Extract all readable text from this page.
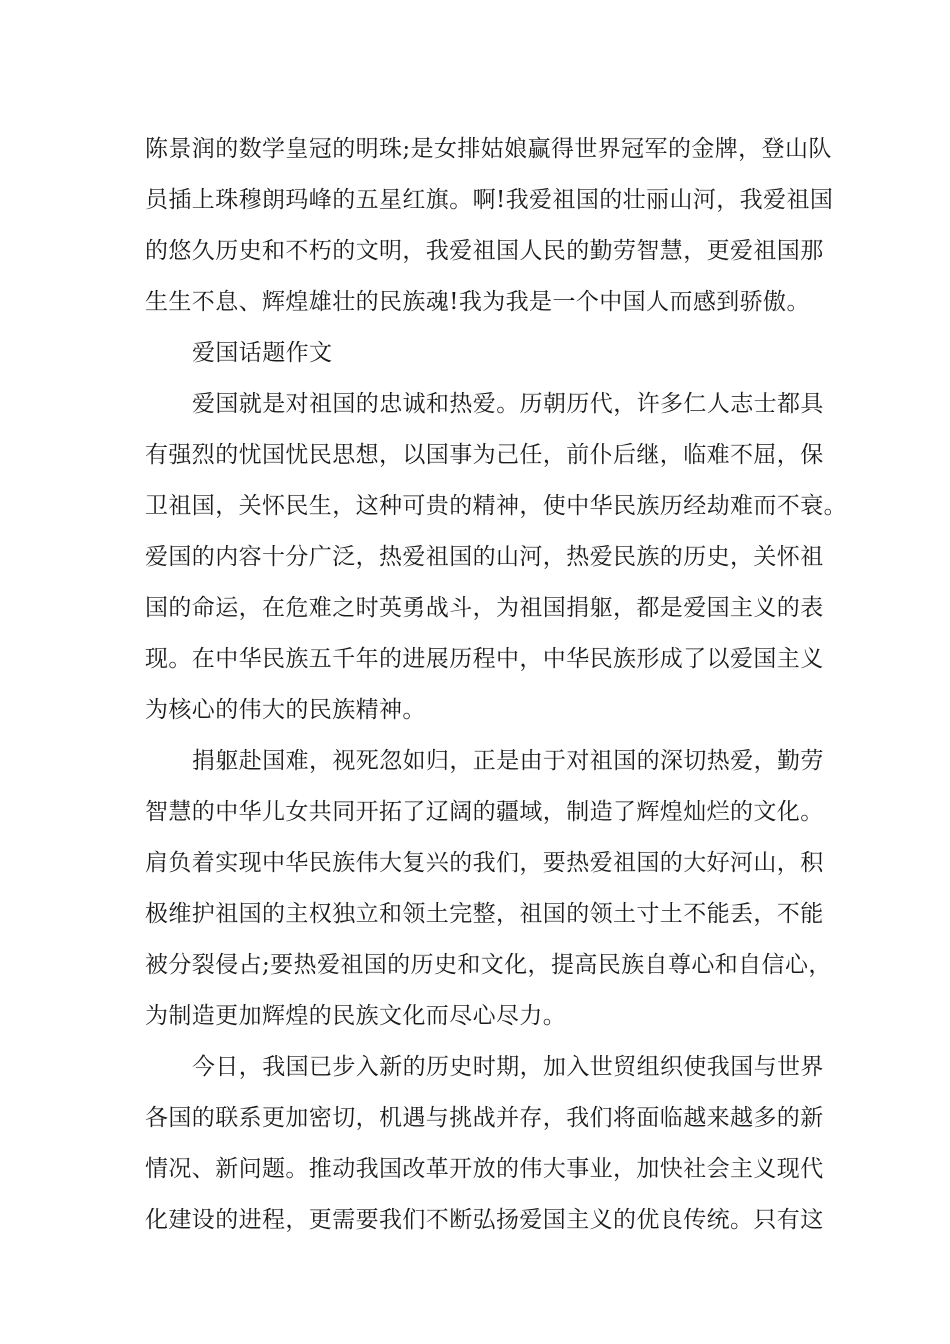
陈景润的数学皇冠的明珠;是女排姑娘赢得世界冠军的金牌，登山队
员插上珠穆朗玛峰的五星红旗。啊!我爱祖国的壮丽山河，我爱祖国
的悠久历史和不朽的文明，我爱祖国人民的勤劳智慧，更爱祖国那
生生不息、辉煌雄壮的民族魂!我为我是一个中国人而感到骄傲。
爱国话题作文
爱国就是对祖国的忠诚和热爱。历朝历代，许多仁人志士都具
有强烈的忧国忧民思想，以国事为己任，前仆后继，临难不屈，保
卫祖国，关怀民生，这种可贵的精神，使中华民族历经劫难而不衰。
爱国的内容十分广泛，热爱祖国的山河，热爱民族的历史，关怀祖
国的命运，在危难之时英勇战斗，为祖国捐躯，都是爱国主义的表
现。在中华民族五千年的进展历程中，中华民族形成了以爱国主义
为核心的伟大的民族精神。
捐躯赴国难，视死忽如归，正是由于对祖国的深切热爱，勤劳
智慧的中华儿女共同开拓了辽阔的疆域，制造了辉煌灿烂的文化。
肩负着实现中华民族伟大复兴的我们，要热爱祖国的大好河山，积
极维护祖国的主权独立和领土完整，祖国的领土寸土不能丢，不能
被分裂侵占;要热爱祖国的历史和文化，提高民族自尊心和自信心，
为制造更加辉煌的民族文化而尽心尽力。
今日，我国已步入新的历史时期，加入世贸组织使我国与世界
各国的联系更加密切，机遇与挑战并存，我们将面临越来越多的新
情况、新问题。推动我国改革开放的伟大事业，加快社会主义现代
化建设的进程，更需要我们不断弘扬爱国主义的优良传统。只有这
